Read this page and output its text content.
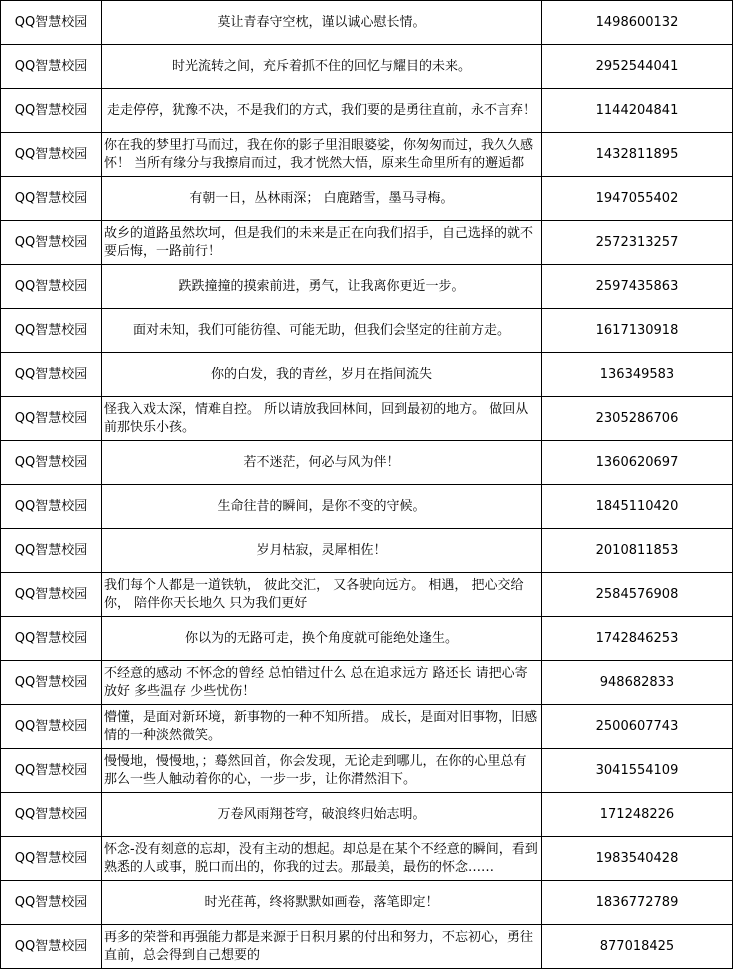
QQ智慧校园	莫让青春守空枕，谨以诚心慰长情。	1498600132
QQ智慧校园	时光流转之间，充斥着抓不住的回忆与耀目的未来。	2952544041
QQ智慧校园	走走停停，犹豫不决，不是我们的方式，我们要的是勇往直前，永不言弃！	1144204841
QQ智慧校园	你在我的梦里打马而过，我在你的影子里泪眼婆娑，你匆匆而过，我久久感怀！ 当所有缘分与我擦肩而过，我才恍然大悟，原来生命里所有的邂逅都	1432811895
QQ智慧校园	有朝一日，丛林雨深； 白鹿踏雪，墨马寻梅。	1947055402
QQ智慧校园	故乡的道路虽然坎坷，但是我们的未来是正在向我们招手，自己选择的就不要后悔，一路前行！	2572313257
QQ智慧校园	跌跌撞撞的摸索前进，勇气，让我离你更近一步。	2597435863
QQ智慧校园	面对未知，我们可能彷徨、可能无助，但我们会坚定的往前方走。	1617130918
QQ智慧校园	你的白发，我的青丝，岁月在指间流失	136349583
QQ智慧校园	怪我入戏太深，情难自控。 所以请放我回林间，回到最初的地方。 做回从前那快乐小孩。	2305286706
QQ智慧校园	若不迷茫，何必与风为伴！	1360620697
QQ智慧校园	生命往昔的瞬间，是你不变的守候。	1845110420
QQ智慧校园	岁月枯寂，灵犀相佐！	2010811853
QQ智慧校园	我们每个人都是一道铁轨， 彼此交汇， 又各驶向远方。 相遇， 把心交给你， 陪伴你天长地久 只为我们更好	2584576908
QQ智慧校园	你以为的无路可走，换个角度就可能绝处逢生。	1742846253
QQ智慧校园	不经意的感动 不怀念的曾经 总怕错过什么 总在追求远方 路还长 请把心寄放好 多些温存 少些忧伤！	948682833
QQ智慧校园	懵懂，是面对新环境，新事物的一种不知所措。 成长，是面对旧事物，旧感情的一种淡然微笑。	2500607743
QQ智慧校园	慢慢地，慢慢地，；蓦然回首，你会发现，无论走到哪儿，在你的心里总有那么一些人触动着你的心，一步一步，让你潸然泪下。	3041554109
QQ智慧校园	万卷风雨翔苍穹，破浪终归始志明。	171248226
QQ智慧校园	怀念-没有刻意的忘却，没有主动的想起。却总是在某个不经意的瞬间，看到熟悉的人或事，脱口而出的，你我的过去。那最美，最伤的怀念……	1983540428
QQ智慧校园	时光荏苒，终将默默如画卷，落笔即定！	1836772789
QQ智慧校园	再多的荣誉和再强能力都是来源于日积月累的付出和努力，不忘初心，勇往直前，总会得到自己想要的	877018425
